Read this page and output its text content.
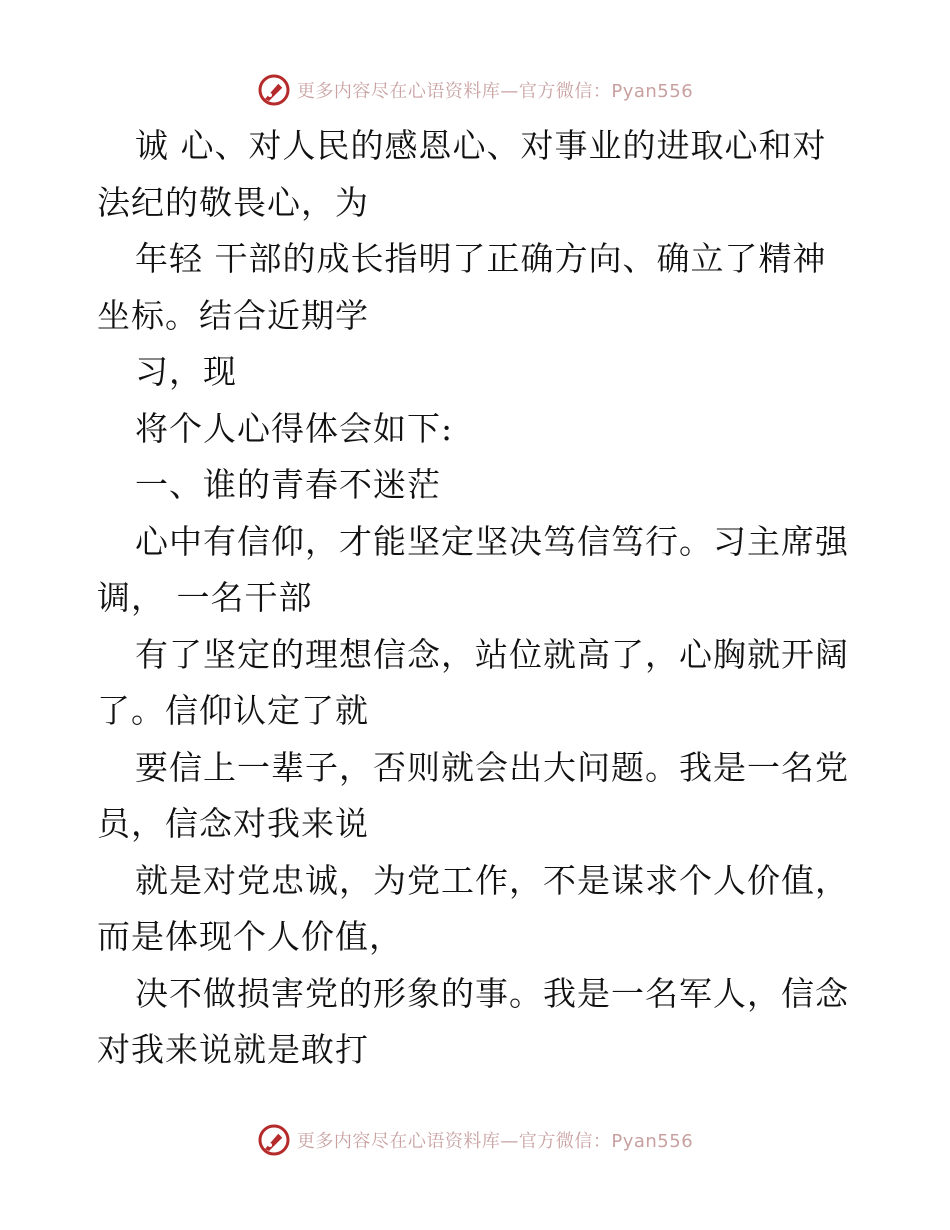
更多内容尽在心语资料库—官方微信：Pyan556
诚 心、对人民的感恩心、对事业的进取心和对
法纪的敬畏心，为
年轻 干部的成长指明了正确方向、确立了精神
坐标。结合近期学
习，现
将个人心得体会如下:
一、谁的青春不迷茫
心中有信仰，才能坚定坚决笃信笃行。习主席强
调， 一名干部
有了坚定的理想信念，站位就高了，心胸就开阔
了。信仰认定了就
要信上一辈子，否则就会出大问题。我是一名党
员，信念对我来说
就是对党忠诚，为党工作，不是谋求个人价值，
而是体现个人价值，
决不做损害党的形象的事。我是一名军人，信念
对我来说就是敢打
更多内容尽在心语资料库—官方微信：Pyan556
